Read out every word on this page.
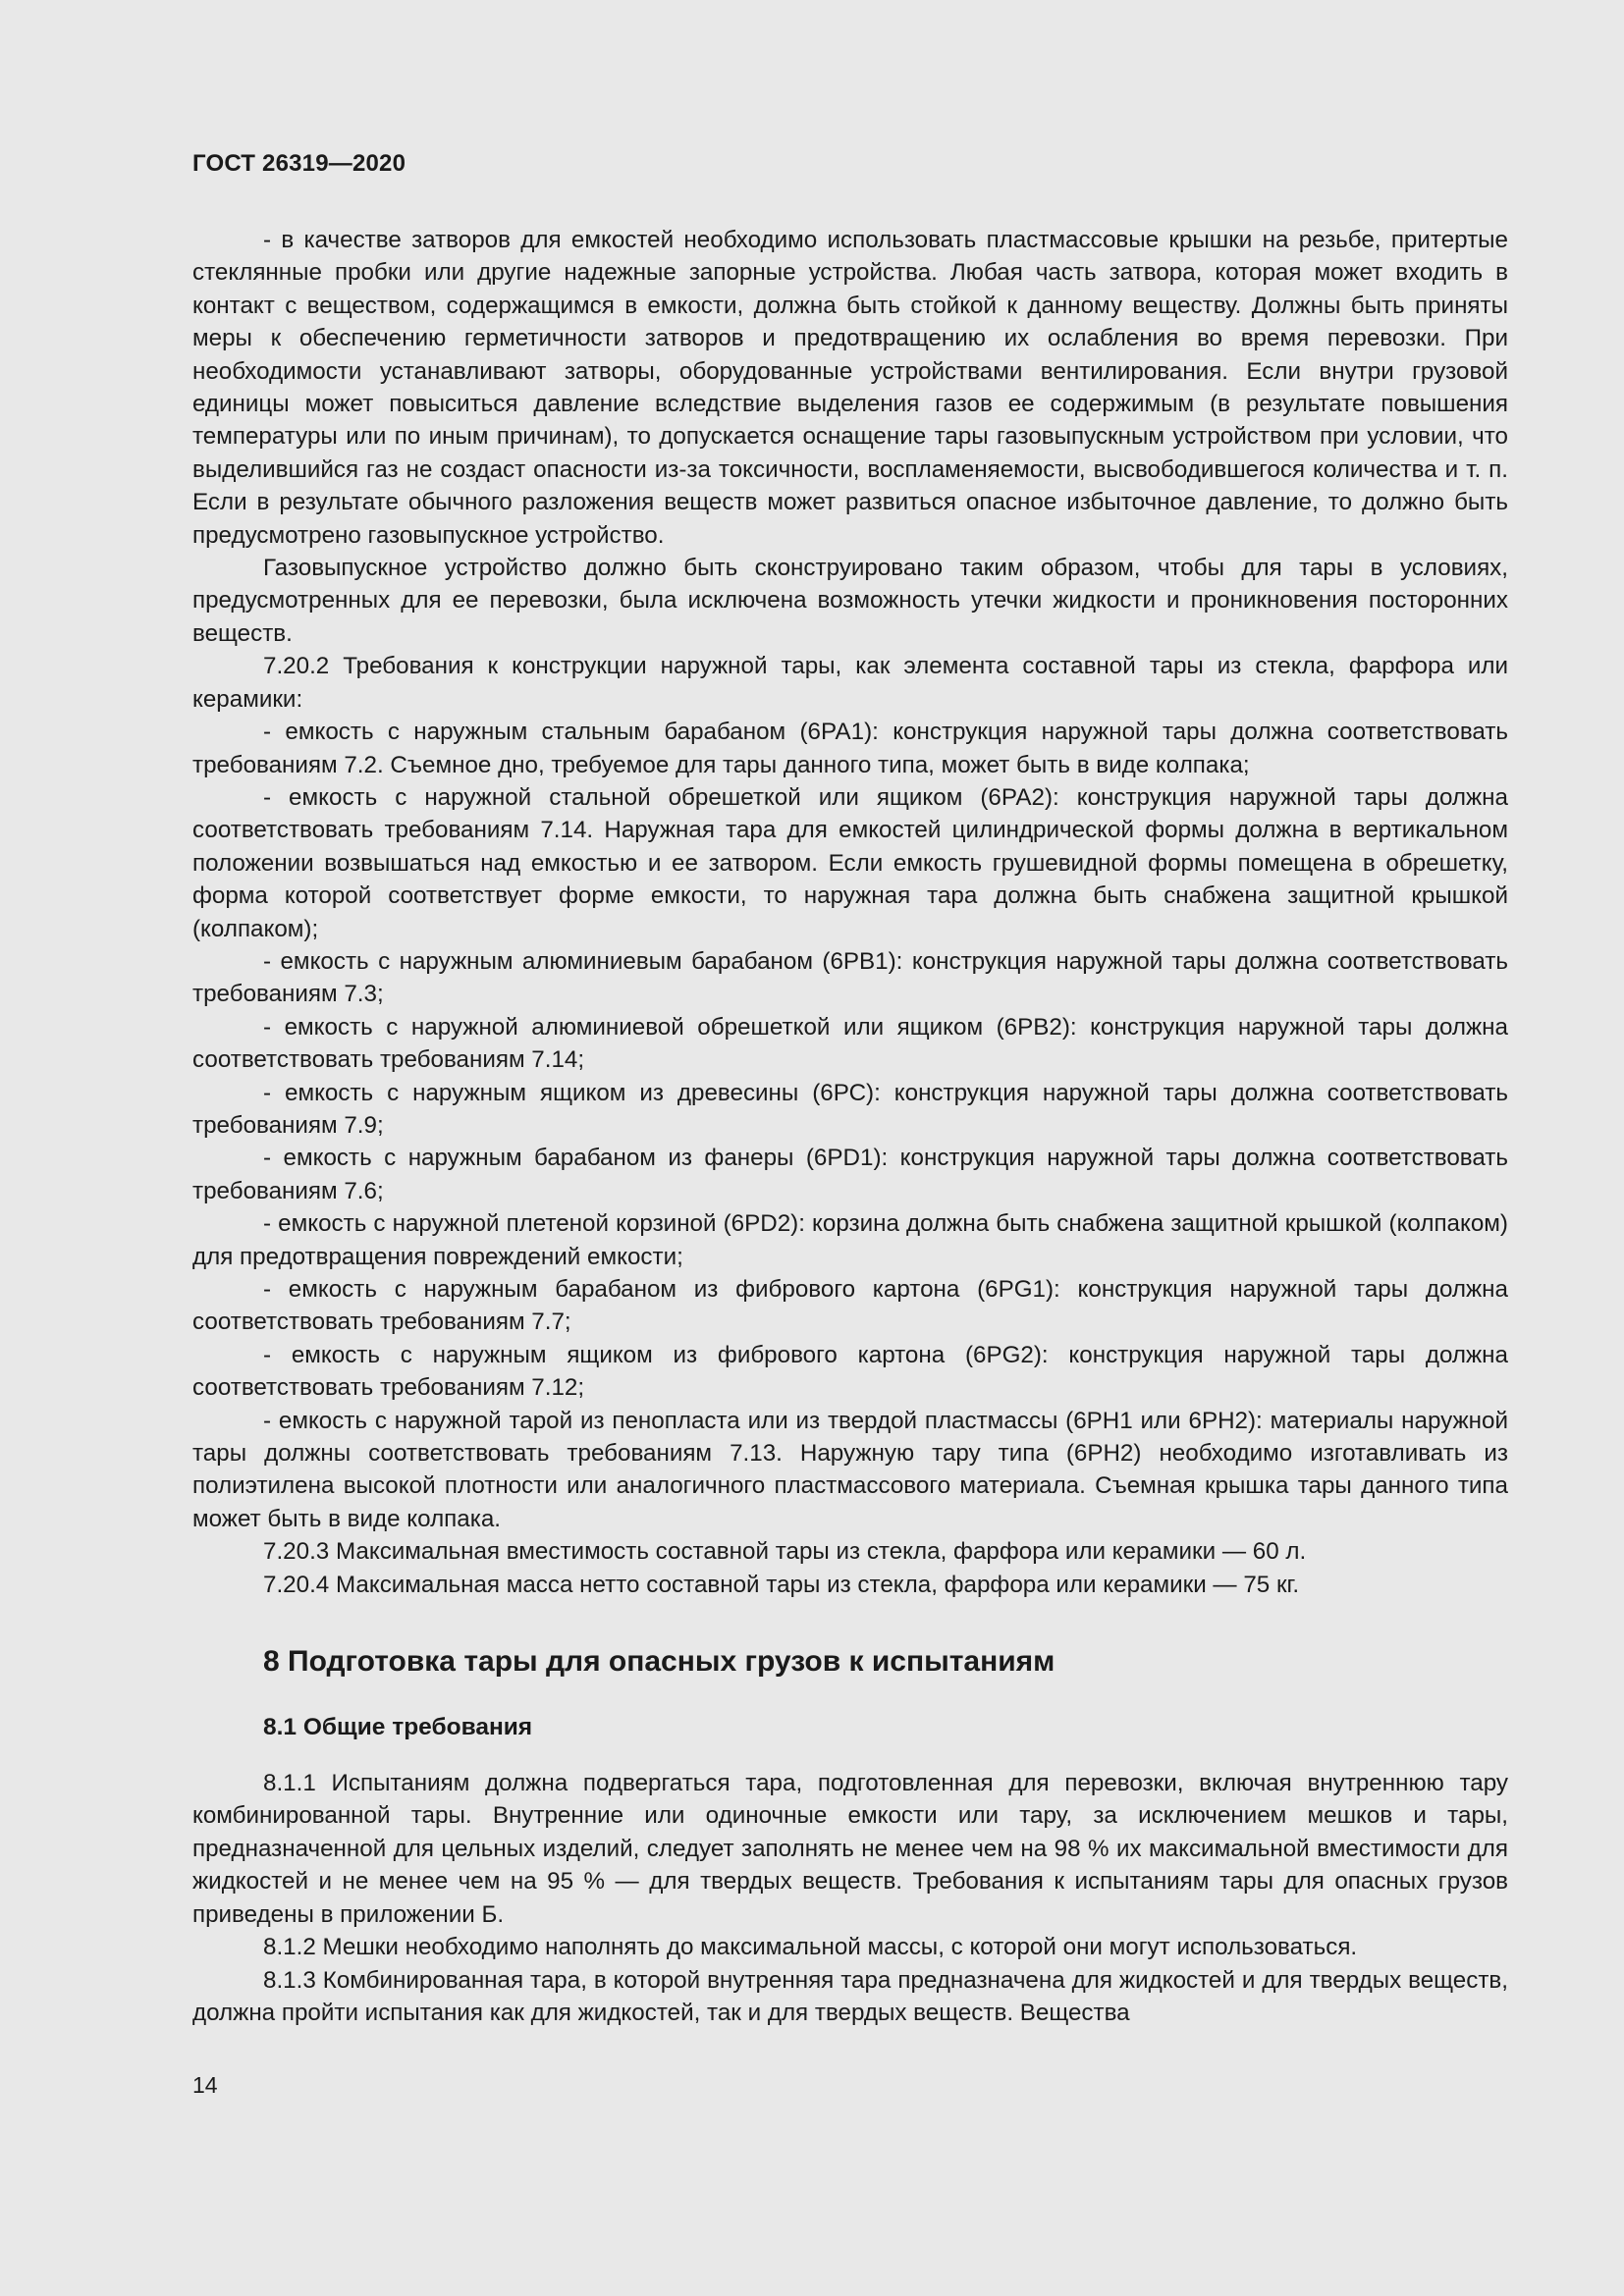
ГОСТ 26319—2020

- в качестве затворов для емкостей необходимо использовать пластмассовые крышки на резьбе, притертые стеклянные пробки или другие надежные запорные устройства. Любая часть затвора, которая может входить в контакт с веществом, содержащимся в емкости, должна быть стойкой к данному веществу. Должны быть приняты меры к обеспечению герметичности затворов и предотвращению их ослабления во время перевозки. При необходимости устанавливают затворы, оборудованные устройствами вентилирования. Если внутри грузовой единицы может повыситься давление вследствие выделения газов ее содержимым (в результате повышения температуры или по иным причинам), то допускается оснащение тары газовыпускным устройством при условии, что выделившийся газ не создаст опасности из-за токсичности, воспламеняемости, высвободившегося количества и т. п. Если в результате обычного разложения веществ может развиться опасное избыточное давление, то должно быть предусмотрено газовыпускное устройство.

Газовыпускное устройство должно быть сконструировано таким образом, чтобы для тары в условиях, предусмотренных для ее перевозки, была исключена возможность утечки жидкости и проникновения посторонних веществ.

7.20.2 Требования к конструкции наружной тары, как элемента составной тары из стекла, фарфора или керамики:

- емкость с наружным стальным барабаном (6РА1): конструкция наружной тары должна соответствовать требованиям 7.2. Съемное дно, требуемое для тары данного типа, может быть в виде колпака;

- емкость с наружной стальной обрешеткой или ящиком (6РА2): конструкция наружной тары должна соответствовать требованиям 7.14. Наружная тара для емкостей цилиндрической формы должна в вертикальном положении возвышаться над емкостью и ее затвором. Если емкость грушевидной формы помещена в обрешетку, форма которой соответствует форме емкости, то наружная тара должна быть снабжена защитной крышкой (колпаком);

- емкость с наружным алюминиевым барабаном (6РВ1): конструкция наружной тары должна соответствовать требованиям 7.3;

- емкость с наружной алюминиевой обрешеткой или ящиком (6РВ2): конструкция наружной тары должна соответствовать требованиям 7.14;

- емкость с наружным ящиком из древесины (6РС): конструкция наружной тары должна соответствовать требованиям 7.9;

- емкость с наружным барабаном из фанеры (6PD1): конструкция наружной тары должна соответствовать требованиям 7.6;

- емкость с наружной плетеной корзиной (6PD2): корзина должна быть снабжена защитной крышкой (колпаком) для предотвращения повреждений емкости;

- емкость с наружным барабаном из фибрового картона (6PG1): конструкция наружной тары должна соответствовать требованиям 7.7;

- емкость с наружным ящиком из фибрового картона (6PG2): конструкция наружной тары должна соответствовать требованиям 7.12;

- емкость с наружной тарой из пенопласта или из твердой пластмассы (6РН1 или 6РН2): материалы наружной тары должны соответствовать требованиям 7.13. Наружную тару типа (6РН2) необходимо изготавливать из полиэтилена высокой плотности или аналогичного пластмассового материала. Съемная крышка тары данного типа может быть в виде колпака.

7.20.3 Максимальная вместимость составной тары из стекла, фарфора или керамики — 60 л.

7.20.4 Максимальная масса нетто составной тары из стекла, фарфора или керамики — 75 кг.

8 Подготовка тары для опасных грузов к испытаниям
8.1 Общие требования

8.1.1 Испытаниям должна подвергаться тара, подготовленная для перевозки, включая внутреннюю тару комбинированной тары. Внутренние или одиночные емкости или тару, за исключением мешков и тары, предназначенной для цельных изделий, следует заполнять не менее чем на 98 % их максимальной вместимости для жидкостей и не менее чем на 95 % — для твердых веществ. Требования к испытаниям тары для опасных грузов приведены в приложении Б.

8.1.2 Мешки необходимо наполнять до максимальной массы, с которой они могут использоваться.

8.1.3 Комбинированная тара, в которой внутренняя тара предназначена для жидкостей и для твердых веществ, должна пройти испытания как для жидкостей, так и для твердых веществ. Вещества

14
